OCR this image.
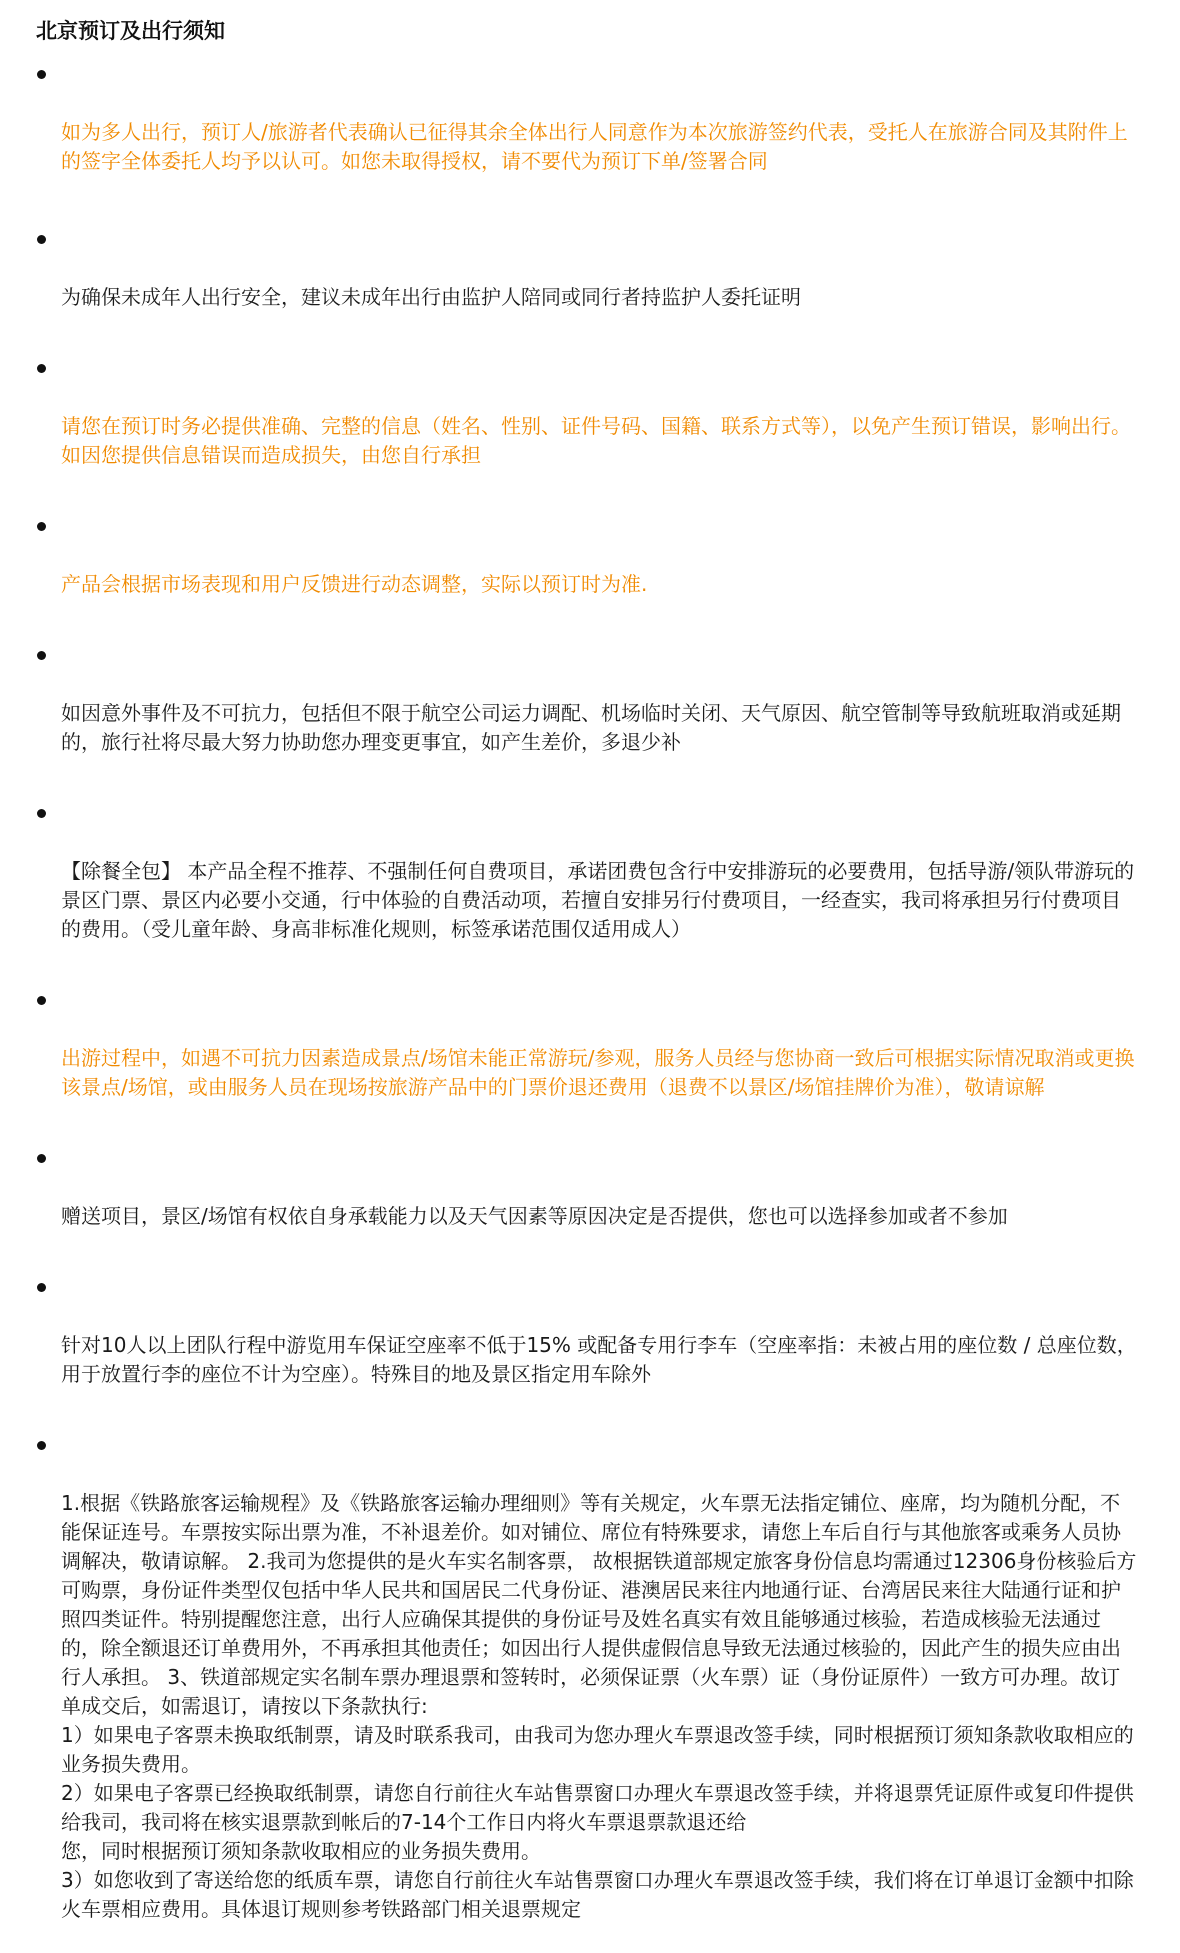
北京预订及出行须知

如为多人出行，预订人/旅游者代表确认已征得其余全体出行人同意作为本次旅游签约代表，受托人在旅游合同及其附件上的签字全体委托人均予以认可。如您未取得授权，请不要代为预订下单/签署合同

为确保未成年人出行安全，建议未成年出行由监护人陪同或同行者持监护人委托证明

请您在预订时务必提供准确、完整的信息（姓名、性别、证件号码、国籍、联系方式等），以免产生预订错误，影响出行。如因您提供信息错误而造成损失，由您自行承担

产品会根据市场表现和用户反馈进行动态调整，实际以预订时为准.

如因意外事件及不可抗力，包括但不限于航空公司运力调配、机场临时关闭、天气原因、航空管制等导致航班取消或延期的，旅行社将尽最大努力协助您办理变更事宜，如产生差价，多退少补

【除餐全包】 本产品全程不推荐、不强制任何自费项目，承诺团费包含行中安排游玩的必要费用，包括导游/领队带游玩的景区门票、景区内必要小交通，行中体验的自费活动项，若擅自安排另行付费项目，一经查实，我司将承担另行付费项目的费用。（受儿童年龄、身高非标准化规则，标签承诺范围仅适用成人）

出游过程中，如遇不可抗力因素造成景点/场馆未能正常游玩/参观，服务人员经与您协商一致后可根据实际情况取消或更换该景点/场馆，或由服务人员在现场按旅游产品中的门票价退还费用（退费不以景区/场馆挂牌价为准），敬请谅解

赠送项目，景区/场馆有权依自身承载能力以及天气因素等原因决定是否提供，您也可以选择参加或者不参加

针对10人以上团队行程中游览用车保证空座率不低于15% 或配备专用行李车（空座率指：未被占用的座位数 / 总座位数，用于放置行李的座位不计为空座）。特殊目的地及景区指定用车除外

1.根据《铁路旅客运输规程》及《铁路旅客运输办理细则》等有关规定，火车票无法指定铺位、座席，均为随机分配，不能保证连号。车票按实际出票为准，不补退差价。如对铺位、席位有特殊要求，请您上车后自行与其他旅客或乘务人员协调解决，敬请谅解。 2.我司为您提供的是火车实名制客票， 故根据铁道部规定旅客身份信息均需通过12306身份核验后方可购票，身份证件类型仅包括中华人民共和国居民二代身份证、港澳居民来往内地通行证、台湾居民来往大陆通行证和护照四类证件。特别提醒您注意，出行人应确保其提供的身份证号及姓名真实有效且能够通过核验，若造成核验无法通过的，除全额退还订单费用外，不再承担其他责任；如因出行人提供虚假信息导致无法通过核验的，因此产生的损失应由出行人承担。 3、铁道部规定实名制车票办理退票和签转时，必须保证票（火车票）证（身份证原件）一致方可办理。故订单成交后，如需退订，请按以下条款执行:
1）如果电子客票未换取纸制票，请及时联系我司，由我司为您办理火车票退改签手续，同时根据预订须知条款收取相应的业务损失费用。
2）如果电子客票已经换取纸制票，请您自行前往火车站售票窗口办理火车票退改签手续，并将退票凭证原件或复印件提供给我司，我司将在核实退票款到帐后的7-14个工作日内将火车票退票款退还给
您，同时根据预订须知条款收取相应的业务损失费用。
3）如您收到了寄送给您的纸质车票，请您自行前往火车站售票窗口办理火车票退改签手续，我们将在订单退订金额中扣除火车票相应费用。具体退订规则参考铁路部门相关退票规定
